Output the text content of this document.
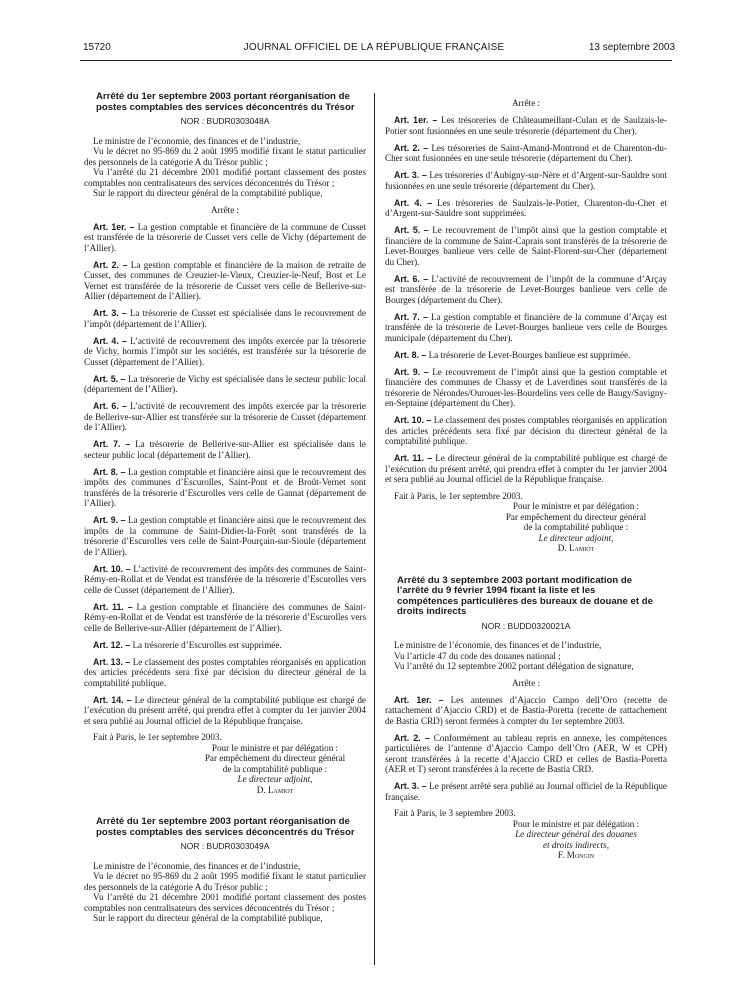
15720	JOURNAL OFFICIEL DE LA RÉPUBLIQUE FRANÇAISE	13 septembre 2003
Arrêté du 1er septembre 2003 portant réorganisation de postes comptables des services déconcentrés du Trésor
NOR : BUDR0303048A

Le ministre de l’économie, des finances et de l’industrie,

Vu le décret no 95-869 du 2 août 1995 modifié fixant le statut particulier des personnels de la catégorie A du Trésor public ;

Vu l’arrêté du 21 décembre 2001 modifié portant classement des postes comptables non centralisateurs des services déconcentrés du Trésor ;

Sur le rapport du directeur général de la comptabilité publique,

Arrête :

Art. 1er. – La gestion comptable et financière de la commune de Cusset est transférée de la trésorerie de Cusset vers celle de Vichy (département de l’Allier).

Art. 2. – La gestion comptable et financière de la maison de retraite de Cusset, des communes de Creuzier-le-Vieux, Creuzier-le-Neuf, Bost et Le Vernet est transférée de la trésorerie de Cusset vers celle de Bellerive-sur-Allier (département de l’Allier).

Art. 3. – La trésorerie de Cusset est spécialisée dans le recouvrement de l’impôt (département de l’Allier).

Art. 4. – L’activité de recouvrement des impôts exercée par la trésorerie de Vichy, hormis l’impôt sur les sociétés, est transférée sur la trésorerie de Cusset (département de l’Allier).

Art. 5. – La trésorerie de Vichy est spécialisée dans le secteur public local (département de l’Allier).

Art. 6. – L’activité de recouvrement des impôts exercée par la trésorerie de Bellerive-sur-Allier est transférée sur la trésorerie de Cusset (département de l’Allier).

Art. 7. – La trésorerie de Bellerive-sur-Allier est spécialisée dans le secteur public local (département de l’Allier).

Art. 8. – La gestion comptable et financière ainsi que le recouvrement des impôts des communes d’Escurolles, Saint-Pont et de Broût-Vernet sont transférés de la trésorerie d’Escurolles vers celle de Gannat (département de l’Allier).

Art. 9. – La gestion comptable et financière ainsi que le recouvrement des impôts de la commune de Saint-Didier-la-Forêt sont transférés de la trésorerie d’Escurolles vers celle de Saint-Pourçain-sur-Sioule (département de l’Allier).

Art. 10. – L’activité de recouvrement des impôts des communes de Saint-Rémy-en-Rollat et de Vendat est transférée de la trésorerie d’Escurolles vers celle de Cusset (département de l’Allier).

Art. 11. – La gestion comptable et financière des communes de Saint-Rémy-en-Rollat et de Vendat est transférée de la trésorerie d’Escurolles vers celle de Bellerive-sur-Allier (département de l’Allier).

Art. 12. – La trésorerie d’Escurolles est supprimée.

Art. 13. – Le classement des postes comptables réorganisés en application des articles précédents sera fixé par décision du directeur général de la comptabilité publique.

Art. 14. – Le directeur général de la comptabilité publique est chargé de l’exécution du présent arrêté, qui prendra effet à compter du 1er janvier 2004 et sera publié au Journal officiel de la République française.

Fait à Paris, le 1er septembre 2003.

Pour le ministre et par délégation :
Par empêchement du directeur général
de la comptabilité publique :
Le directeur adjoint,
D. Lamiot
Arrêté du 1er septembre 2003 portant réorganisation de postes comptables des services déconcentrés du Trésor
NOR : BUDR0303049A

Le ministre de l’économie, des finances et de l’industrie,

Vu le décret no 95-869 du 2 août 1995 modifié fixant le statut particulier des personnels de la catégorie A du Trésor public ;

Vu l’arrêté du 21 décembre 2001 modifié portant classement des postes comptables non centralisateurs des services déconcentrés du Trésor ;

Sur le rapport du directeur général de la comptabilité publique,

Arrête :

Art. 1er. – Les trésoreries de Châteaumeillant-Culan et de Saulzais-le-Potier sont fusionnées en une seule trésorerie (département du Cher).

Art. 2. – Les trésoreries de Saint-Amand-Montrond et de Charenton-du-Cher sont fusionnées en une seule trésorerie (département du Cher).

Art. 3. – Les trésoreries d’Aubigny-sur-Nère et d’Argent-sur-Sauldre sont fusionnées en une seule trésorerie (département du Cher).

Art. 4. – Les trésoreries de Saulzais-le-Potier, Charenton-du-Cher et d’Argent-sur-Sauldre sont supprimées.

Art. 5. – Le recouvrement de l’impôt ainsi que la gestion comptable et financière de la commune de Saint-Caprais sont transférés de la trésorerie de Levet-Bourges banlieue vers celle de Saint-Florent-sur-Cher (département du Cher).

Art. 6. – L’activité de recouvrement de l’impôt de la commune d’Arçay est transférée de la trésorerie de Levet-Bourges banlieue vers celle de Bourges (département du Cher).

Art. 7. – La gestion comptable et financière de la commune d’Arçay est transférée de la trésorerie de Levet-Bourges banlieue vers celle de Bourges municipale (département du Cher).

Art. 8. – La trésorerie de Levet-Bourges banlieue est supprimée.

Art. 9. – Le recouvrement de l’impôt ainsi que la gestion comptable et financière des communes de Chassy et de Laverdines sont transférés de la trésorerie de Nérondes/Ourouer-les-Bourdelins vers celle de Baugy/Savigny-en-Septaine (département du Cher).

Art. 10. – Le classement des postes comptables réorganisés en application des articles précédents sera fixé par décision du directeur général de la comptabilité publique.

Art. 11. – Le directeur général de la comptabilité publique est chargé de l’exécution du présent arrêté, qui prendra effet à compter du 1er janvier 2004 et sera publié au Journal officiel de la République française.

Fait à Paris, le 1er septembre 2003.

Pour le ministre et par délégation :
Par empêchement du directeur général
de la comptabilité publique :
Le directeur adjoint,
D. Lamiot
Arrêté du 3 septembre 2003 portant modification de l’arrêté du 9 février 1994 fixant la liste et les compétences particulières des bureaux de douane et de droits indirects
NOR : BUDD0320021A

Le ministre de l’économie, des finances et de l’industrie,

Vu l’article 47 du code des douanes national ;

Vu l’arrêté du 12 septembre 2002 portant délégation de signature,

Arrête :

Art. 1er. – Les antennes d’Ajaccio Campo dell’Oro (recette de rattachement d’Ajaccio CRD) et de Bastia-Poretta (recette de rattachement de Bastia CRD) seront fermées à compter du 1er septembre 2003.

Art. 2. – Conformément au tableau repris en annexe, les compétences particulières de l’antenne d’Ajaccio Campo dell’Oro (AER, W et CPH) seront transférées à la recette d’Ajaccio CRD et celles de Bastia-Poretta (AER et T) seront transférées à la recette de Bastia CRD.

Art. 3. – Le présent arrêté sera publié au Journal officiel de la République française.

Fait à Paris, le 3 septembre 2003.

Pour le ministre et par délégation :
Le directeur général des douanes
et droits indirects,
F. Mongin
